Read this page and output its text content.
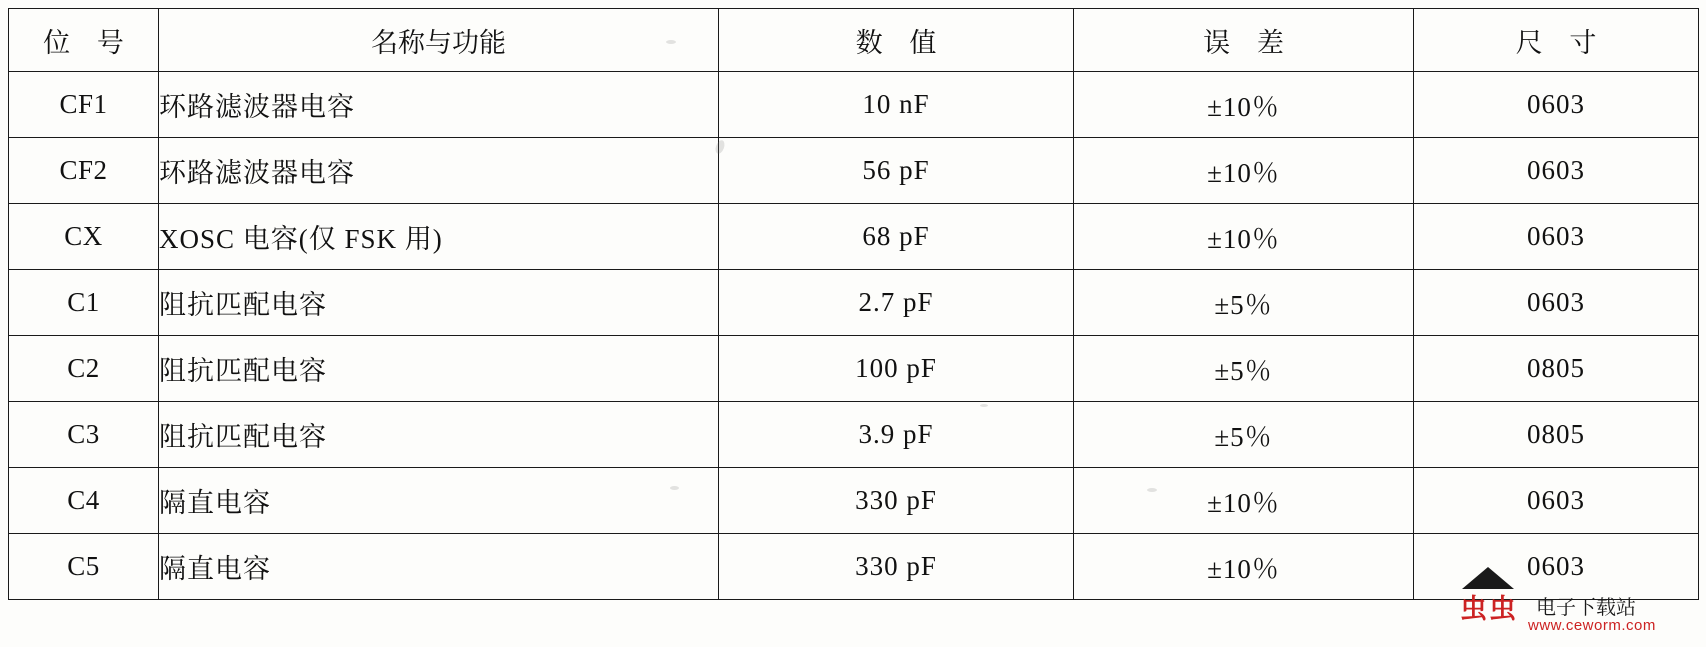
位 号	名称与功能	数 值	误 差	尺 寸
CF1	环路滤波器电容	10 nF	±10％	0603
CF2	环路滤波器电容	56 pF	±10％	0603
CX	XOSC 电容(仅 FSK 用)	68 pF	±10％	0603
C1	阻抗匹配电容	2.7 pF	±5％	0603
C2	阻抗匹配电容	100 pF	±5％	0805
C3	阻抗匹配电容	3.9 pF	±5％	0805
C4	隔直电容	330 pF	±10％	0603
C5	隔直电容	330 pF	±10％	0603
虫虫 电子下载站
www.ceworm.com
